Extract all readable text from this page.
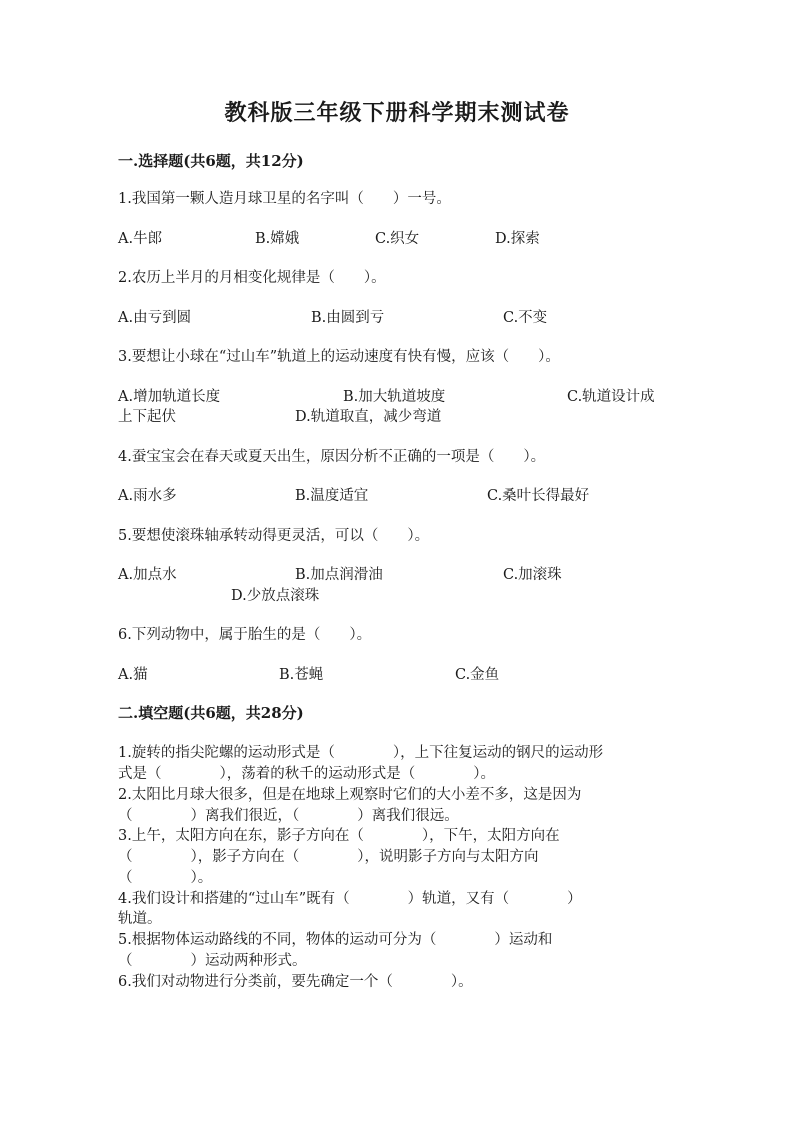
教科版三年级下册科学期末测试卷
一.选择题(共6题，共12分)
1.我国第一颗人造月球卫星的名字叫（　　）一号。
A.牛郎	B.嫦娥	C.织女	D.探索
2.农历上半月的月相变化规律是（　　）。
A.由亏到圆	B.由圆到亏	C.不变
3.要想让小球在“过山车”轨道上的运动速度有快有慢，应该（　　）。
A.增加轨道长度	B.加大轨道坡度	C.轨道设计成
上下起伏	D.轨道取直，减少弯道
4.蚕宝宝会在春天或夏天出生，原因分析不正确的一项是（　　）。
A.雨水多	B.温度适宜	C.桑叶长得最好
5.要想使滚珠轴承转动得更灵活，可以（　　）。
A.加点水	B.加点润滑油	C.加滚珠
D.少放点滚珠
6.下列动物中，属于胎生的是（　　）。
A.猫	B.苍蝇	C.金鱼
二.填空题(共6题，共28分)
1.旋转的指尖陀螺的运动形式是（　　　　），上下往复运动的钢尺的运动形
式是（　　　　），荡着的秋千的运动形式是（　　　　）。
2.太阳比月球大很多，但是在地球上观察时它们的大小差不多，这是因为
（　　　　）离我们很近，（　　　　）离我们很远。
3.上午，太阳方向在东，影子方向在（　　　　），下午，太阳方向在
（　　　　），影子方向在（　　　　），说明影子方向与太阳方向
（　　　　）。
4.我们设计和搭建的“过山车”既有（　　　　）轨道，又有（　　　　）
轨道。
5.根据物体运动路线的不同，物体的运动可分为（　　　　）运动和
（　　　　）运动两种形式。
6.我们对动物进行分类前，要先确定一个（　　　　）。
